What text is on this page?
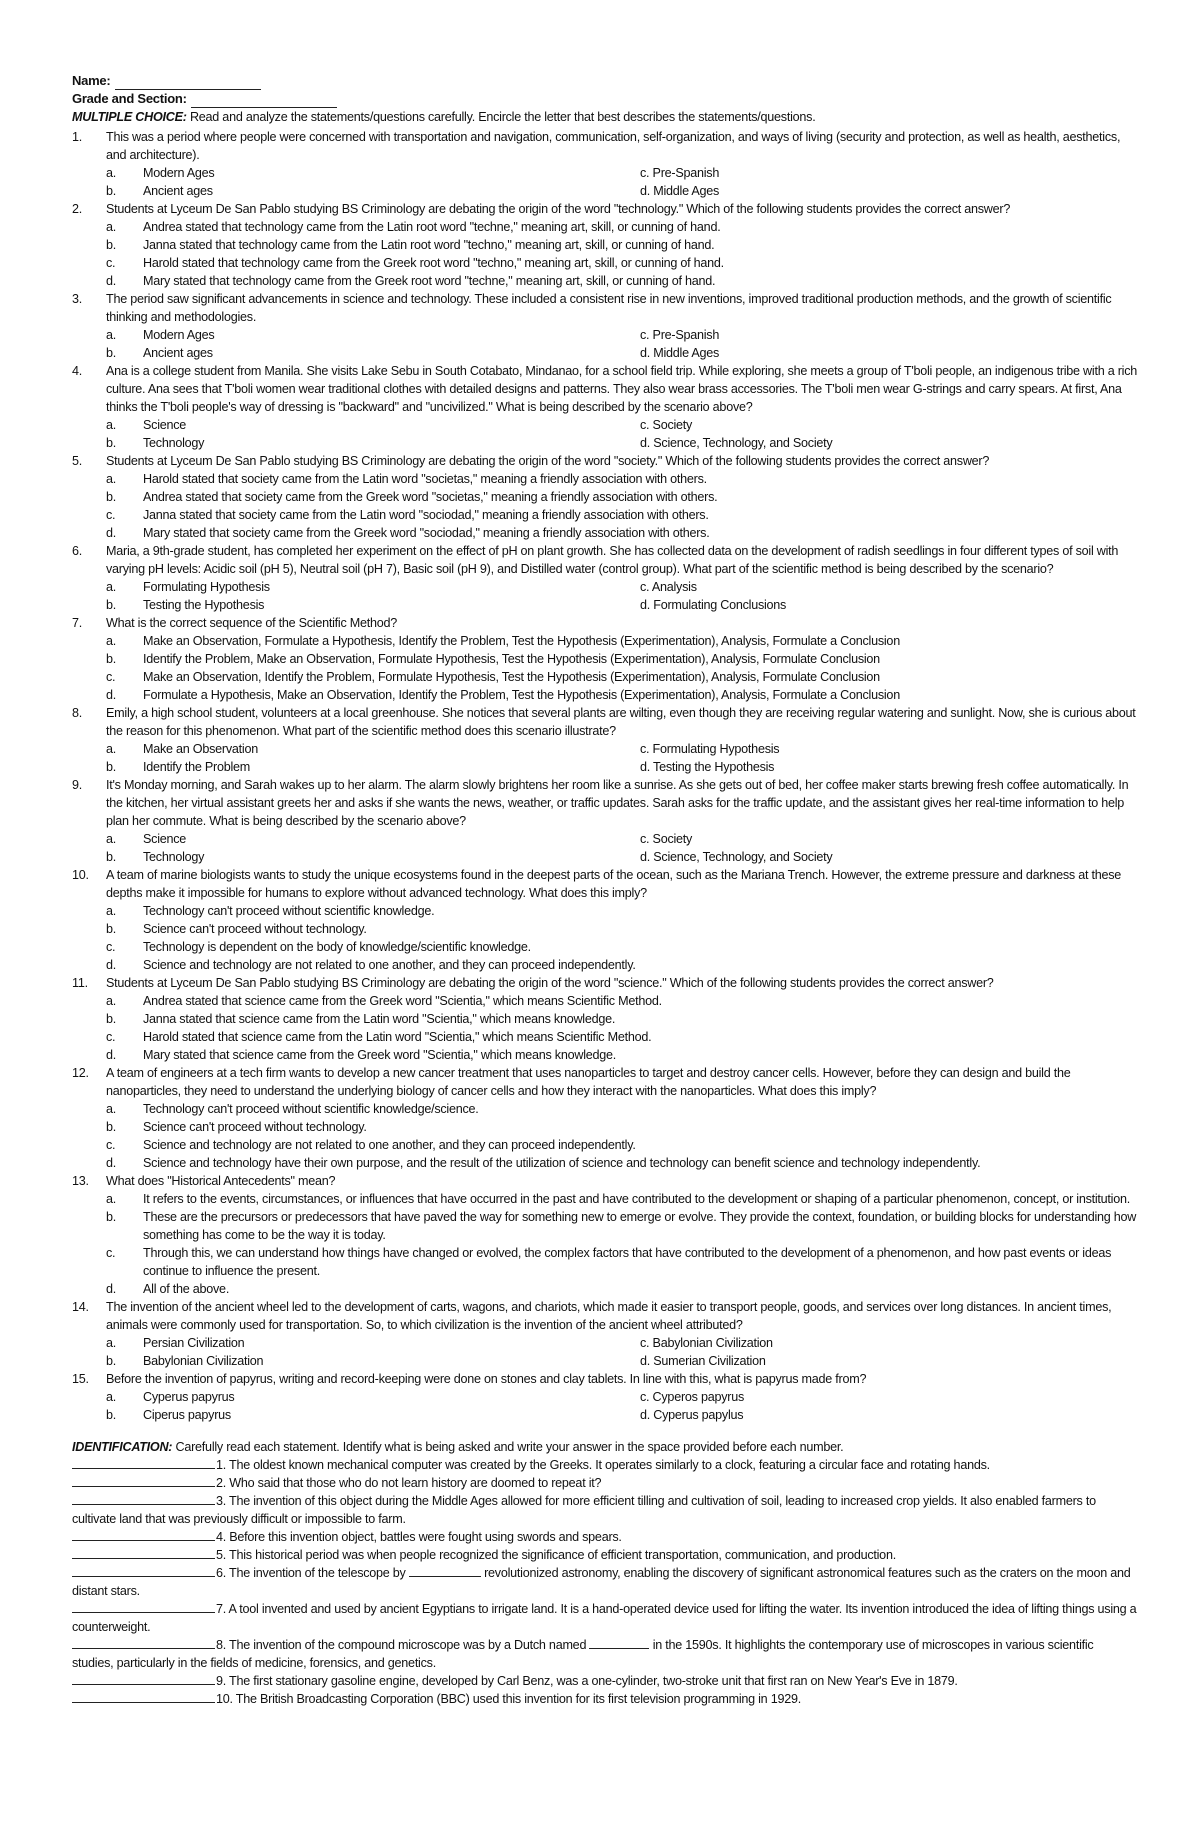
Name:
Grade and Section:
MULTIPLE CHOICE: Read and analyze the statements/questions carefully. Encircle the letter that best describes the statements/questions.
1.	This was a period where people were concerned with transportation and navigation, communication, self-organization, and ways of living (security and protection, as well as health, aesthetics, and architecture).
a.	Modern Ages	c. Pre-Spanish
b.	Ancient ages	d. Middle Ages
2.	Students at Lyceum De San Pablo studying BS Criminology are debating the origin of the word "technology." Which of the following students provides the correct answer?
a.	Andrea stated that technology came from the Latin root word "techne," meaning art, skill, or cunning of hand.
b.	Janna stated that technology came from the Latin root word "techno," meaning art, skill, or cunning of hand.
c.	Harold stated that technology came from the Greek root word "techno," meaning art, skill, or cunning of hand.
d.	Mary stated that technology came from the Greek root word "techne," meaning art, skill, or cunning of hand.
3.	The period saw significant advancements in science and technology. These included a consistent rise in new inventions, improved traditional production methods, and the growth of scientific thinking and methodologies.
a.	Modern Ages	c. Pre-Spanish
b.	Ancient ages	d. Middle Ages
4.	Ana is a college student from Manila. She visits Lake Sebu in South Cotabato, Mindanao, for a school field trip. While exploring, she meets a group of T'boli people, an indigenous tribe with a rich culture. Ana sees that T'boli women wear traditional clothes with detailed designs and patterns. They also wear brass accessories. The T'boli men wear G-strings and carry spears. At first, Ana thinks the T'boli people's way of dressing is "backward" and "uncivilized." What is being described by the scenario above?
a.	Science	c. Society
b.	Technology	d. Science, Technology, and Society
5.	Students at Lyceum De San Pablo studying BS Criminology are debating the origin of the word "society." Which of the following students provides the correct answer?
a.	Harold stated that society came from the Latin word "societas," meaning a friendly association with others.
b.	Andrea stated that society came from the Greek word "societas," meaning a friendly association with others.
c.	Janna stated that society came from the Latin word "sociodad," meaning a friendly association with others.
d.	Mary stated that society came from the Greek word "sociodad," meaning a friendly association with others.
6.	Maria, a 9th-grade student, has completed her experiment on the effect of pH on plant growth. She has collected data on the development of radish seedlings in four different types of soil with varying pH levels: Acidic soil (pH 5), Neutral soil (pH 7), Basic soil (pH 9), and Distilled water (control group). What part of the scientific method is being described by the scenario?
a.	Formulating Hypothesis	c. Analysis
b.	Testing the Hypothesis	d. Formulating Conclusions
7.	What is the correct sequence of the Scientific Method?
a.	Make an Observation, Formulate a Hypothesis, Identify the Problem, Test the Hypothesis (Experimentation), Analysis, Formulate a Conclusion
b.	Identify the Problem, Make an Observation, Formulate Hypothesis, Test the Hypothesis (Experimentation), Analysis, Formulate Conclusion
c.	Make an Observation, Identify the Problem, Formulate Hypothesis, Test the Hypothesis (Experimentation), Analysis, Formulate Conclusion
d.	Formulate a Hypothesis, Make an Observation, Identify the Problem, Test the Hypothesis (Experimentation), Analysis, Formulate a Conclusion
8.	Emily, a high school student, volunteers at a local greenhouse. She notices that several plants are wilting, even though they are receiving regular watering and sunlight. Now, she is curious about the reason for this phenomenon. What part of the scientific method does this scenario illustrate?
a.	Make an Observation	c. Formulating Hypothesis
b.	Identify the Problem	d. Testing the Hypothesis
9.	It's Monday morning, and Sarah wakes up to her alarm. The alarm slowly brightens her room like a sunrise. As she gets out of bed, her coffee maker starts brewing fresh coffee automatically. In the kitchen, her virtual assistant greets her and asks if she wants the news, weather, or traffic updates. Sarah asks for the traffic update, and the assistant gives her real-time information to help plan her commute. What is being described by the scenario above?
a.	Science	c. Society
b.	Technology	d. Science, Technology, and Society
10.	A team of marine biologists wants to study the unique ecosystems found in the deepest parts of the ocean, such as the Mariana Trench. However, the extreme pressure and darkness at these depths make it impossible for humans to explore without advanced technology. What does this imply?
a.	Technology can't proceed without scientific knowledge.
b.	Science can't proceed without technology.
c.	Technology is dependent on the body of knowledge/scientific knowledge.
d.	Science and technology are not related to one another, and they can proceed independently.
11.	Students at Lyceum De San Pablo studying BS Criminology are debating the origin of the word "science." Which of the following students provides the correct answer?
a.	Andrea stated that science came from the Greek word "Scientia," which means Scientific Method.
b.	Janna stated that science came from the Latin word "Scientia," which means knowledge.
c.	Harold stated that science came from the Latin word "Scientia," which means Scientific Method.
d.	Mary stated that science came from the Greek word "Scientia," which means knowledge.
12.	A team of engineers at a tech firm wants to develop a new cancer treatment that uses nanoparticles to target and destroy cancer cells. However, before they can design and build the nanoparticles, they need to understand the underlying biology of cancer cells and how they interact with the nanoparticles. What does this imply?
a.	Technology can't proceed without scientific knowledge/science.
b.	Science can't proceed without technology.
c.	Science and technology are not related to one another, and they can proceed independently.
d.	Science and technology have their own purpose, and the result of the utilization of science and technology can benefit science and technology independently.
13.	What does "Historical Antecedents" mean?
a.	It refers to the events, circumstances, or influences that have occurred in the past and have contributed to the development or shaping of a particular phenomenon, concept, or institution.
b.	These are the precursors or predecessors that have paved the way for something new to emerge or evolve. They provide the context, foundation, or building blocks for understanding how something has come to be the way it is today.
c.	Through this, we can understand how things have changed or evolved, the complex factors that have contributed to the development of a phenomenon, and how past events or ideas continue to influence the present.
d.	All of the above.
14.	The invention of the ancient wheel led to the development of carts, wagons, and chariots, which made it easier to transport people, goods, and services over long distances. In ancient times, animals were commonly used for transportation. So, to which civilization is the invention of the ancient wheel attributed?
a.	Persian Civilization	c. Babylonian Civilization
b.	Babylonian Civilization	d. Sumerian Civilization
15.	Before the invention of papyrus, writing and record-keeping were done on stones and clay tablets. In line with this, what is papyrus made from?
a.	Cyperus papyrus	c. Cyperos papyrus
b.	Ciperus papyrus	d. Cyperus papylus
IDENTIFICATION: Carefully read each statement. Identify what is being asked and write your answer in the space provided before each number.
1. The oldest known mechanical computer was created by the Greeks. It operates similarly to a clock, featuring a circular face and rotating hands.
2. Who said that those who do not learn history are doomed to repeat it?
3. The invention of this object during the Middle Ages allowed for more efficient tilling and cultivation of soil, leading to increased crop yields. It also enabled farmers to cultivate land that was previously difficult or impossible to farm.
4. Before this invention object, battles were fought using swords and spears.
5. This historical period was when people recognized the significance of efficient transportation, communication, and production.
6. The invention of the telescope by	revolutionized astronomy, enabling the discovery of significant astronomical features such as the craters on the moon and distant stars.
7. A tool invented and used by ancient Egyptians to irrigate land. It is a hand-operated device used for lifting the water. Its invention introduced the idea of lifting things using a counterweight.
8. The invention of the compound microscope was by a Dutch named	in the 1590s. It highlights the contemporary use of microscopes in various scientific studies, particularly in the fields of medicine, forensics, and genetics.
9. The first stationary gasoline engine, developed by Carl Benz, was a one-cylinder, two-stroke unit that first ran on New Year's Eve in 1879.
10. The British Broadcasting Corporation (BBC) used this invention for its first television programming in 1929.
